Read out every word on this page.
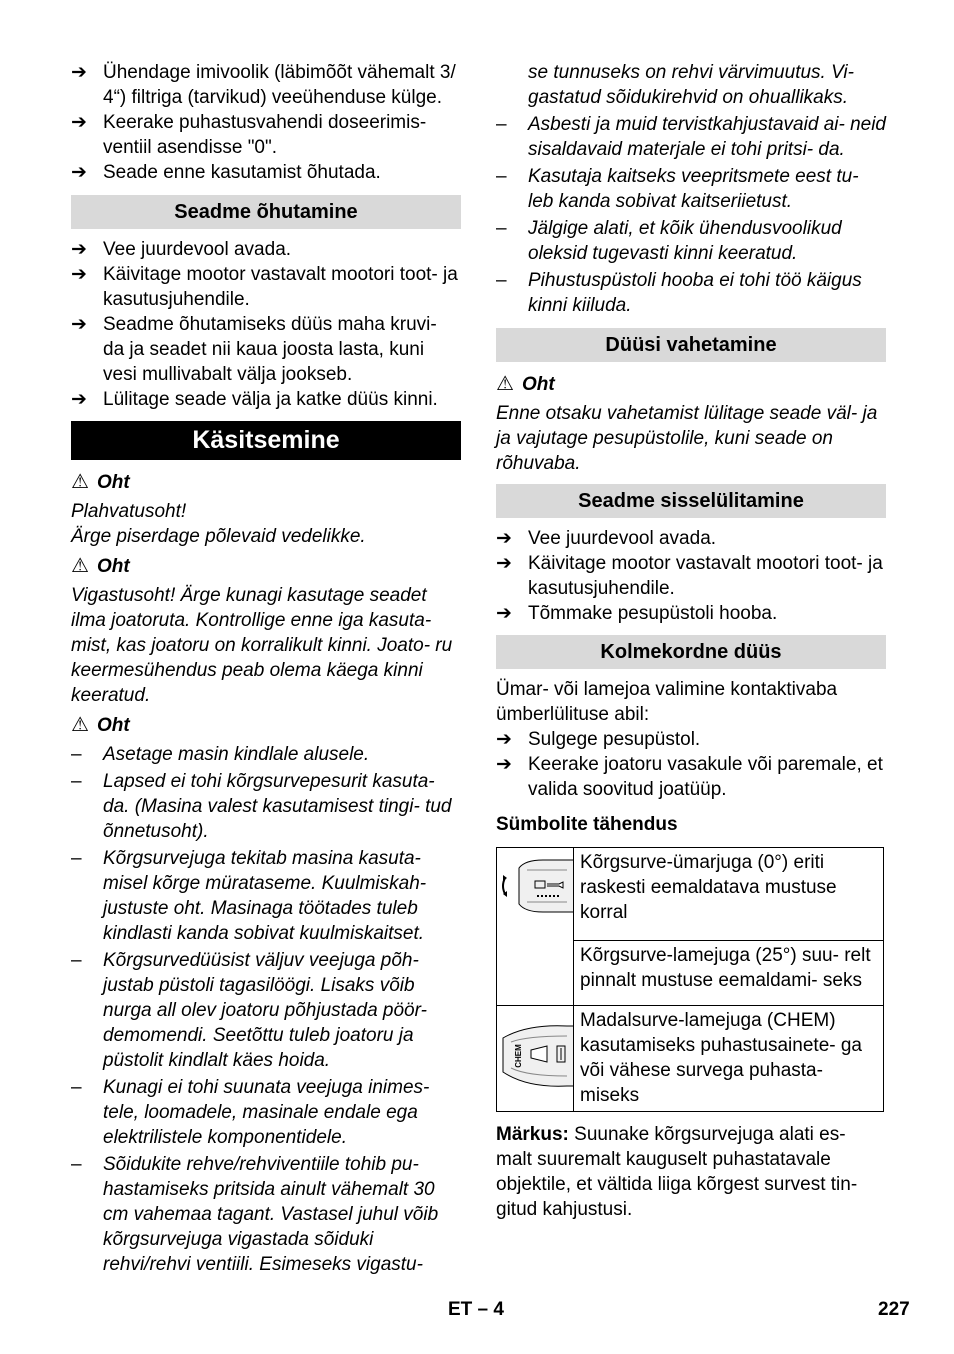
➔ Ühendage imivoolik (läbimõõt vähemalt 3/ 4“) filtriga (tarvikud) veeühenduse külge.
➔ Keerake puhastusvahendi doseerimis- ventiil asendisse "0".
➔ Seade enne kasutamist õhutada.
Seadme õhutamine
➔ Vee juurdevool avada.
➔ Käivitage mootor vastavalt mootori toot- ja kasutusjuhendile.
➔ Seadme õhutamiseks düüs maha kruvi- da ja seadet nii kaua joosta lasta, kuni vesi mullivabalt välja jookseb.
➔ Lülitage seade välja ja katke düüs kinni.
Käsitsemine
⚠ Oht
Plahvatusoht!
Ärge piserdage põlevaid vedelikke.
⚠ Oht
Vigastusoht! Ärge kunagi kasutage seadet ilma joatoruta. Kontrollige enne iga kasuta- mist, kas joatoru on korralikult kinni. Joato- ru keermesühendus peab olema käega kinni keeratud.
⚠ Oht
– Asetage masin kindlale alusele.
– Lapsed ei tohi kõrgsurvepesurit kasuta- da. (Masina valest kasutamisest tingi- tud õnnetusoht).
– Kõrgsurvejuga tekitab masina kasuta- misel kõrge mürataseme. Kuulmiskah- justuste oht. Masinaga töötades tuleb kindlasti kanda sobivat kuulmiskaitset.
– Kõrgsurvedüüsist väljuv veejuga põh- justab püstoli tagasilöögi. Lisaks võib nurga all olev joatoru põhjustada pöör- demomendi. Seetõttu tuleb joatoru ja püstolit kindlalt käes hoida.
– Kunagi ei tohi suunata veejuga inimes- tele, loomadele, masinale endale ega elektrilistele komponentidele.
– Sõidukite rehve/rehviventiile tohib pu- hastamiseks pritsida ainult vähemalt 30 cm vahemaa tagant. Vastasel juhul võib kõrgsurvejuga vigastada sõiduki rehvi/rehvi ventiili. Esimeseks vigastu-
se tunnuseks on rehvi värvimuutus. Vi- gastatud sõidukirehvid on ohuallikaks.
– Asbesti ja muid tervistkahjustavaid ai- neid sisaldavaid materjale ei tohi pritsi- da.
– Kasutaja kaitseks veepritsmete eest tu- leb kanda sobivat kaitseriietust.
– Jälgige alati, et kõik ühendusvoolikud oleksid tugevasti kinni keeratud.
– Pihustuspüstoli hooba ei tohi töö käigus kinni kiiluda.
Düüsi vahetamine
⚠ Oht
Enne otsaku vahetamist lülitage seade väl- ja ja vajutage pesupüstolile, kuni seade on rõhuvaba.
Seadme sisselülitamine
➔ Vee juurdevool avada.
➔ Käivitage mootor vastavalt mootori toot- ja kasutusjuhendile.
➔ Tõmmake pesupüstoli hooba.
Kolmekordne düüs
Ümar- või lamejoa valimine kontaktivaba ümberlülituse abil:
➔ Sulgege pesupüstol.
➔ Keerake joatoru vasakule või paremale, et valida soovitud joatüüp.
Sümbolite tähendus
	Kõrgsurve-ümarjuga (0°) eriti raskesti eemaldatava mustuse korral
	Kõrgsurve-lamejuga (25°) suu- relt pinnalt mustuse eemaldami- seks

CHEM	Madalsurve-lamejuga (CHEM) kasutamiseks puhastusainete- ga või vähese survega puhasta- miseks
Märkus: Suunake kõrgsurvejuga alati es- malt suuremalt kauguselt puhastatavale objektile, et vältida liiga kõrgest survest tin- gitud kahjustusi.
ET – 4	227
